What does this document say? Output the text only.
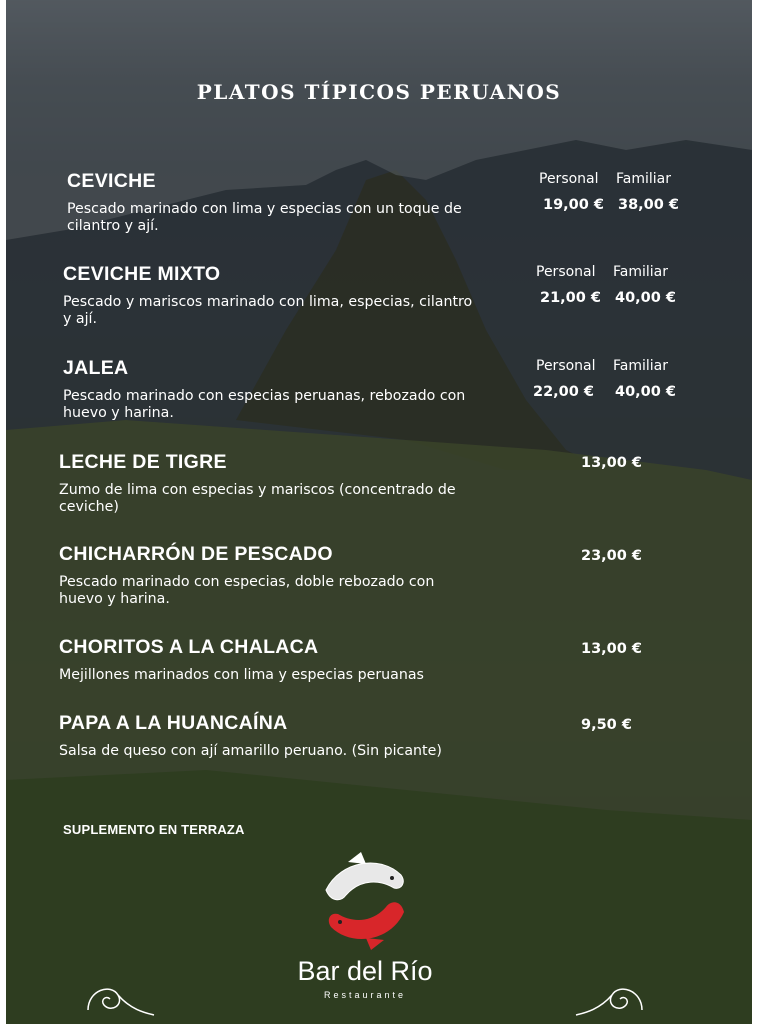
PLATOS TÍPICOS PERUANOS
CEVICHE
Pescado marinado con lima y especias con un toque de cilantro y ají.
Personal Familiar
19,00 € 38,00 €
CEVICHE MIXTO
Pescado y mariscos marinado con lima, especias, cilantro y ají.
Personal Familiar
21,00 € 40,00 €
JALEA
Pescado marinado con especias peruanas, rebozado con huevo y harina.
Personal Familiar
22,00 € 40,00 €
LECHE DE TIGRE
Zumo de lima con especias y mariscos (concentrado de ceviche)
13,00 €
CHICHARRÓN DE PESCADO
Pescado marinado con especias, doble rebozado con huevo y harina.
23,00 €
CHORITOS A LA CHALACA
Mejillones marinados con lima y especias peruanas
13,00 €
PAPA A LA HUANCAÍNA
Salsa de queso con ají amarillo peruano. (Sin picante)
9,50 €
SUPLEMENTO EN TERRAZA
Bar del Río
Restaurante
